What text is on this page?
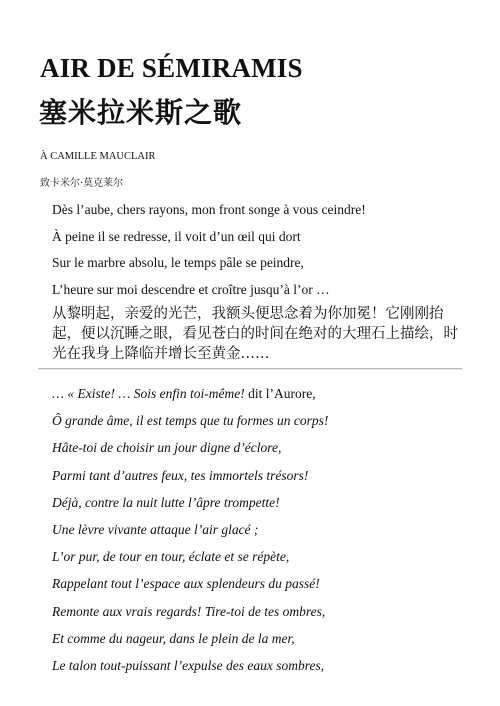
AIR DE SÉMIRAMIS
塞米拉米斯之歌
À CAMILLE MAUCLAIR
致卡米尔·莫克莱尔
Dès l’aube, chers rayons, mon front songe à vous ceindre!
À peine il se redresse, il voit d’un œil qui dort
Sur le marbre absolu, le temps pâle se peindre,
L’heure sur moi descendre et croître jusqu’à l’or …

从黎明起，亲爱的光芒，我额头便思念着为你加冕！它刚刚抬起，便以沉睡之眼，看见苍白的时间在绝对的大理石上描绘，时光在我身上降临并增长至黄金……

… « Existe! … Sois enfin toi-même! dit l’Aurore,
Ô grande âme, il est temps que tu formes un corps!
Hâte-toi de choisir un jour digne d’éclore,
Parmi tant d’autres feux, tes immortels trésors!
Déjà, contre la nuit lutte l’âpre trompette!
Une lèvre vivante attaque l’air glacé ;
L’or pur, de tour en tour, éclate et se répète,
Rappelant tout l’espace aux splendeurs du passé!
Remonte aux vrais regards! Tire-toi de tes ombres,
Et comme du nageur, dans le plein de la mer,
Le talon tout-puissant l’expulse des eaux sombres,
